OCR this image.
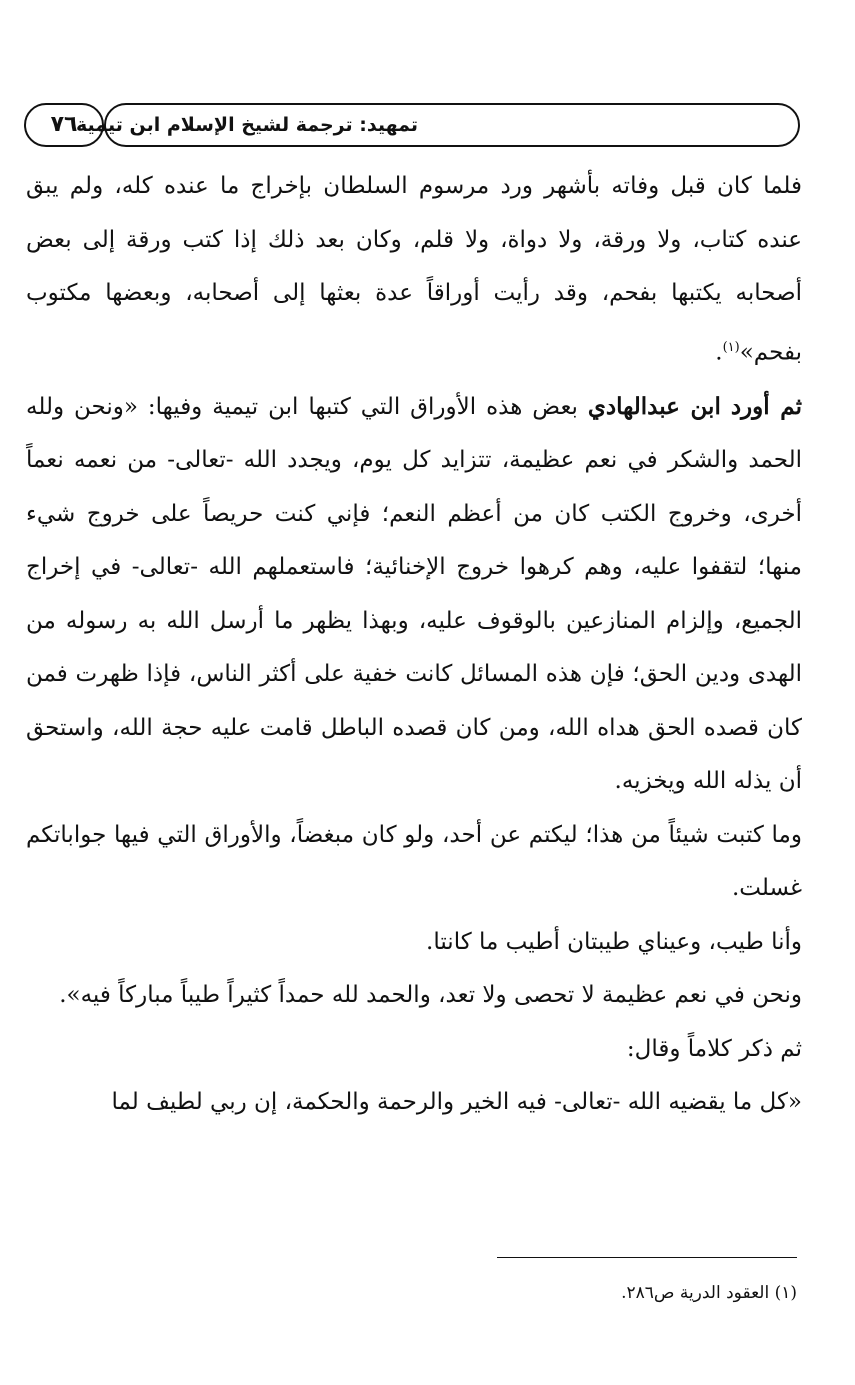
تمهيد: ترجمة لشيخ الإسلام ابن تيمية
٧٦

فلما كان قبل وفاته بأشهر ورد مرسوم السلطان بإخراج ما عنده كله، ولم يبق عنده كتاب، ولا ورقة، ولا دواة، ولا قلم، وكان بعد ذلك إذا كتب ورقة إلى بعض أصحابه يكتبها بفحم، وقد رأيت أوراقاً عدة بعثها إلى أصحابه، وبعضها مكتوب بفحم»$^{(١)}$.

ثم أورد ابن عبدالهادي بعض هذه الأوراق التي كتبها ابن تيمية وفيها: «ونحن ولله الحمد والشكر في نعم عظيمة، تتزايد كل يوم، ويجدد الله -تعالى- من نعمه نعماً أخرى، وخروج الكتب كان من أعظم النعم؛ فإني كنت حريصاً على خروج شيء منها؛ لتقفوا عليه، وهم كرهوا خروج الإخنائية؛ فاستعملهم الله -تعالى- في إخراج الجميع، وإلزام المنازعين بالوقوف عليه، وبهذا يظهر ما أرسل الله به رسوله من الهدى ودين الحق؛ فإن هذه المسائل كانت خفية على أكثر الناس، فإذا ظهرت فمن كان قصده الحق هداه الله، ومن كان قصده الباطل قامت عليه حجة الله، واستحق أن يذله الله ويخزيه.

وما كتبت شيئاً من هذا؛ ليكتم عن أحد، ولو كان مبغضاً، والأوراق التي فيها جواباتكم غسلت.

وأنا طيب، وعيناي طيبتان أطيب ما كانتا.

ونحن في نعم عظيمة لا تحصى ولا تعد، والحمد لله حمداً كثيراً طيباً مباركاً فيه».

ثم ذكر كلاماً وقال:

«كل ما يقضيه الله -تعالى- فيه الخير والرحمة والحكمة، إن ربي لطيف لما

(١) العقود الدرية ص٢٨٦.
